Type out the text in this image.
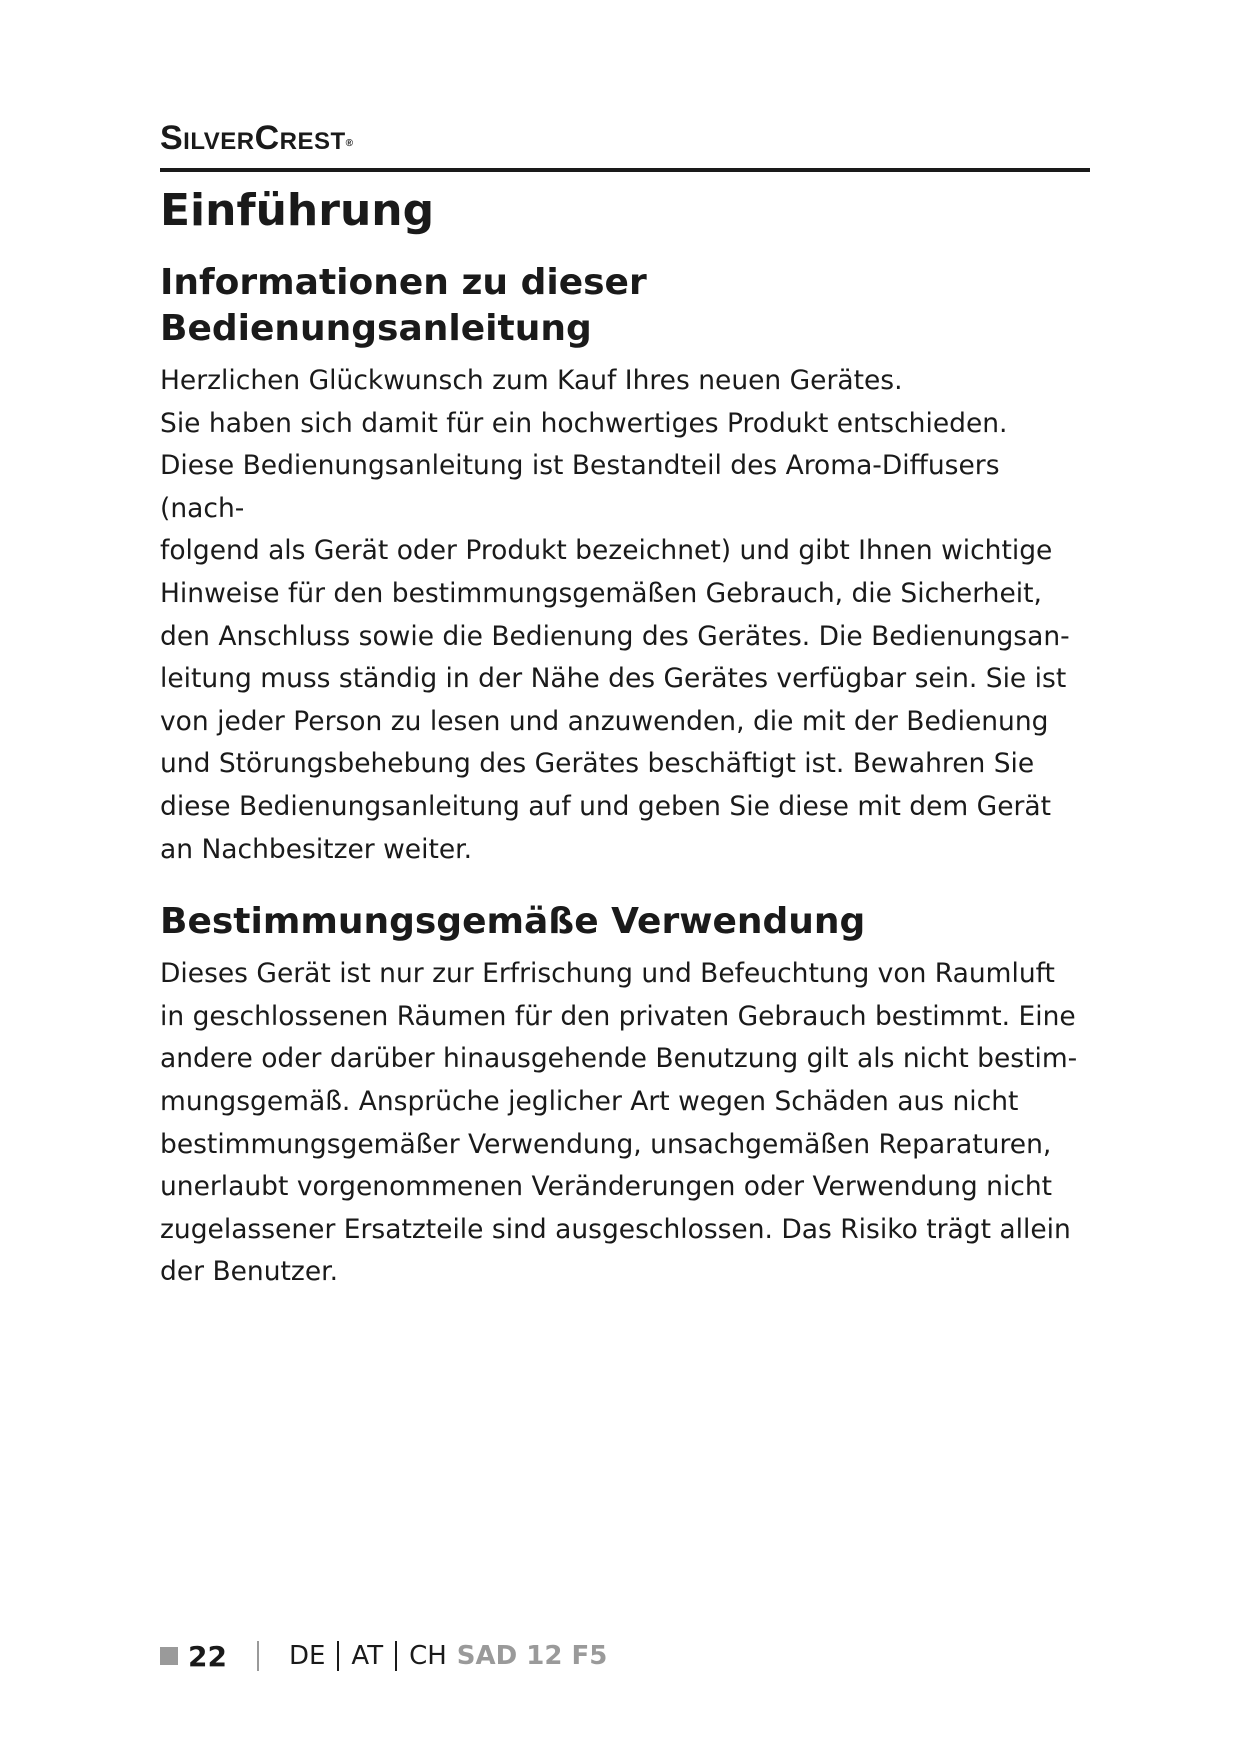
SilverCrest®
Einführung
Informationen zu dieser Bedienungsanleitung

Herzlichen Glückwunsch zum Kauf Ihres neuen Gerätes.
Sie haben sich damit für ein hochwertiges Produkt entschieden.
Diese Bedienungsanleitung ist Bestandteil des Aroma-Diffusers (nach-
folgend als Gerät oder Produkt bezeichnet) und gibt Ihnen wichtige
Hinweise für den bestimmungsgemäßen Gebrauch, die Sicherheit,
den Anschluss sowie die Bedienung des Gerätes. Die Bedienungsan-
leitung muss ständig in der Nähe des Gerätes verfügbar sein. Sie ist
von jeder Person zu lesen und anzuwenden, die mit der Bedienung
und Störungsbehebung des Gerätes beschäftigt ist. Bewahren Sie
diese Bedienungsanleitung auf und geben Sie diese mit dem Gerät
an Nachbesitzer weiter.

Bestimmungsgemäße Verwendung

Dieses Gerät ist nur zur Erfrischung und Befeuchtung von Raumluft
in geschlossenen Räumen für den privaten Gebrauch bestimmt. Eine
andere oder darüber hinausgehende Benutzung gilt als nicht bestim-
mungsgemäß. Ansprüche jeglicher Art wegen Schäden aus nicht
bestimmungsgemäßer Verwendung, unsachgemäßen Reparaturen,
unerlaubt vorgenommenen Veränderungen oder Verwendung nicht
zugelassener Ersatzteile sind ausgeschlossen. Das Risiko trägt allein
der Benutzer.

22 DE AT CH SAD 12 F5
